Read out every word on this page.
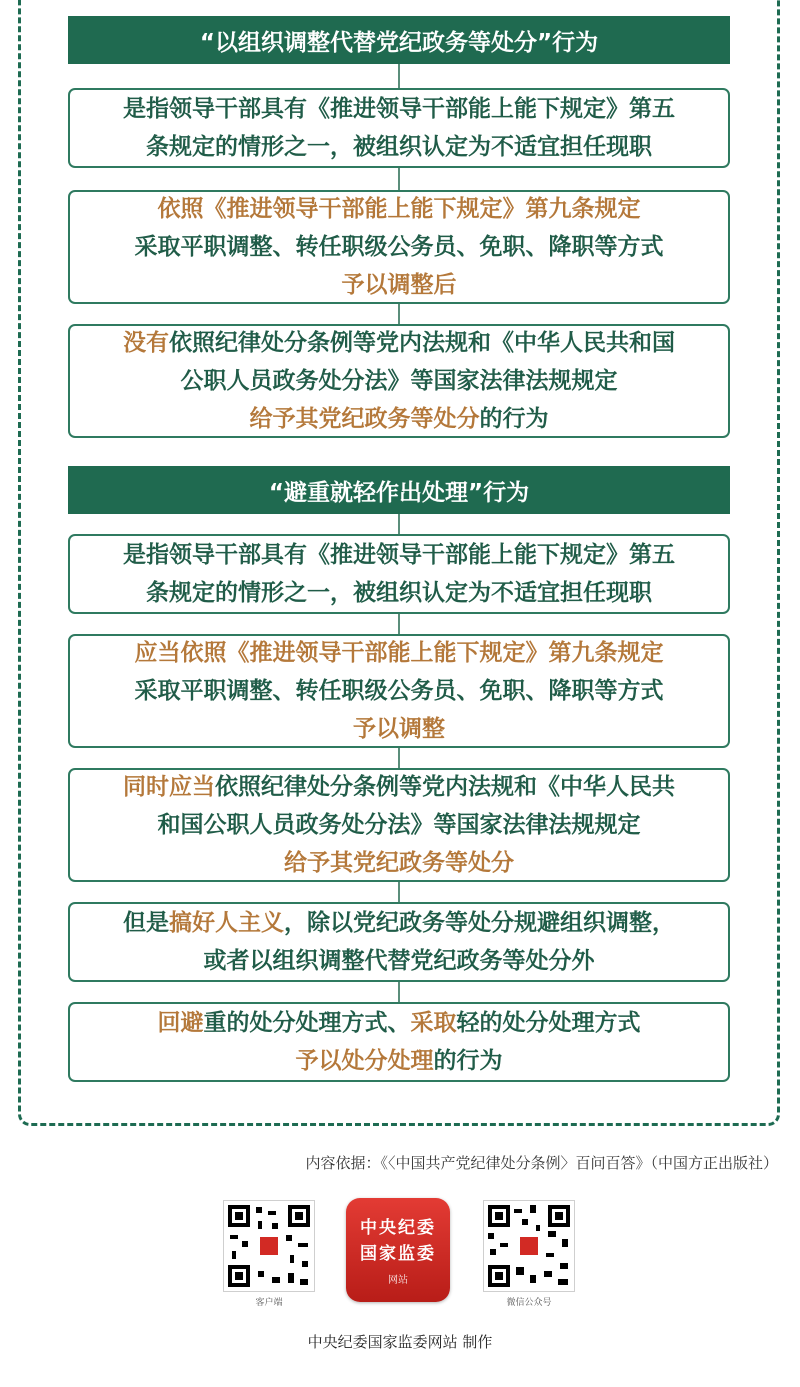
“以组织调整代替党纪政务等处分”行为
是指领导干部具有《推进领导干部能上能下规定》第五
条规定的情形之一，被组织认定为不适宜担任现职
依照《推进领导干部能上能下规定》第九条规定
采取平职调整、转任职级公务员、免职、降职等方式
予以调整后
没有依照纪律处分条例等党内法规和《中华人民共和国
公职人员政务处分法》等国家法律法规规定
给予其党纪政务等处分的行为
“避重就轻作出处理”行为
是指领导干部具有《推进领导干部能上能下规定》第五
条规定的情形之一，被组织认定为不适宜担任现职
应当依照《推进领导干部能上能下规定》第九条规定
采取平职调整、转任职级公务员、免职、降职等方式
予以调整
同时应当依照纪律处分条例等党内法规和《中华人民共
和国公职人员政务处分法》等国家法律法规规定
给予其党纪政务等处分
但是搞好人主义，除以党纪政务等处分规避组织调整，
或者以组织调整代替党纪政务等处分外
回避重的处分处理方式、采取轻的处分处理方式
予以处分处理的行为
内容依据：《〈中国共产党纪律处分条例〉百问百答》（中国方正出版社）
客户端
中央纪委
国家监委
网站
微信公众号
中央纪委国家监委网站 制作
